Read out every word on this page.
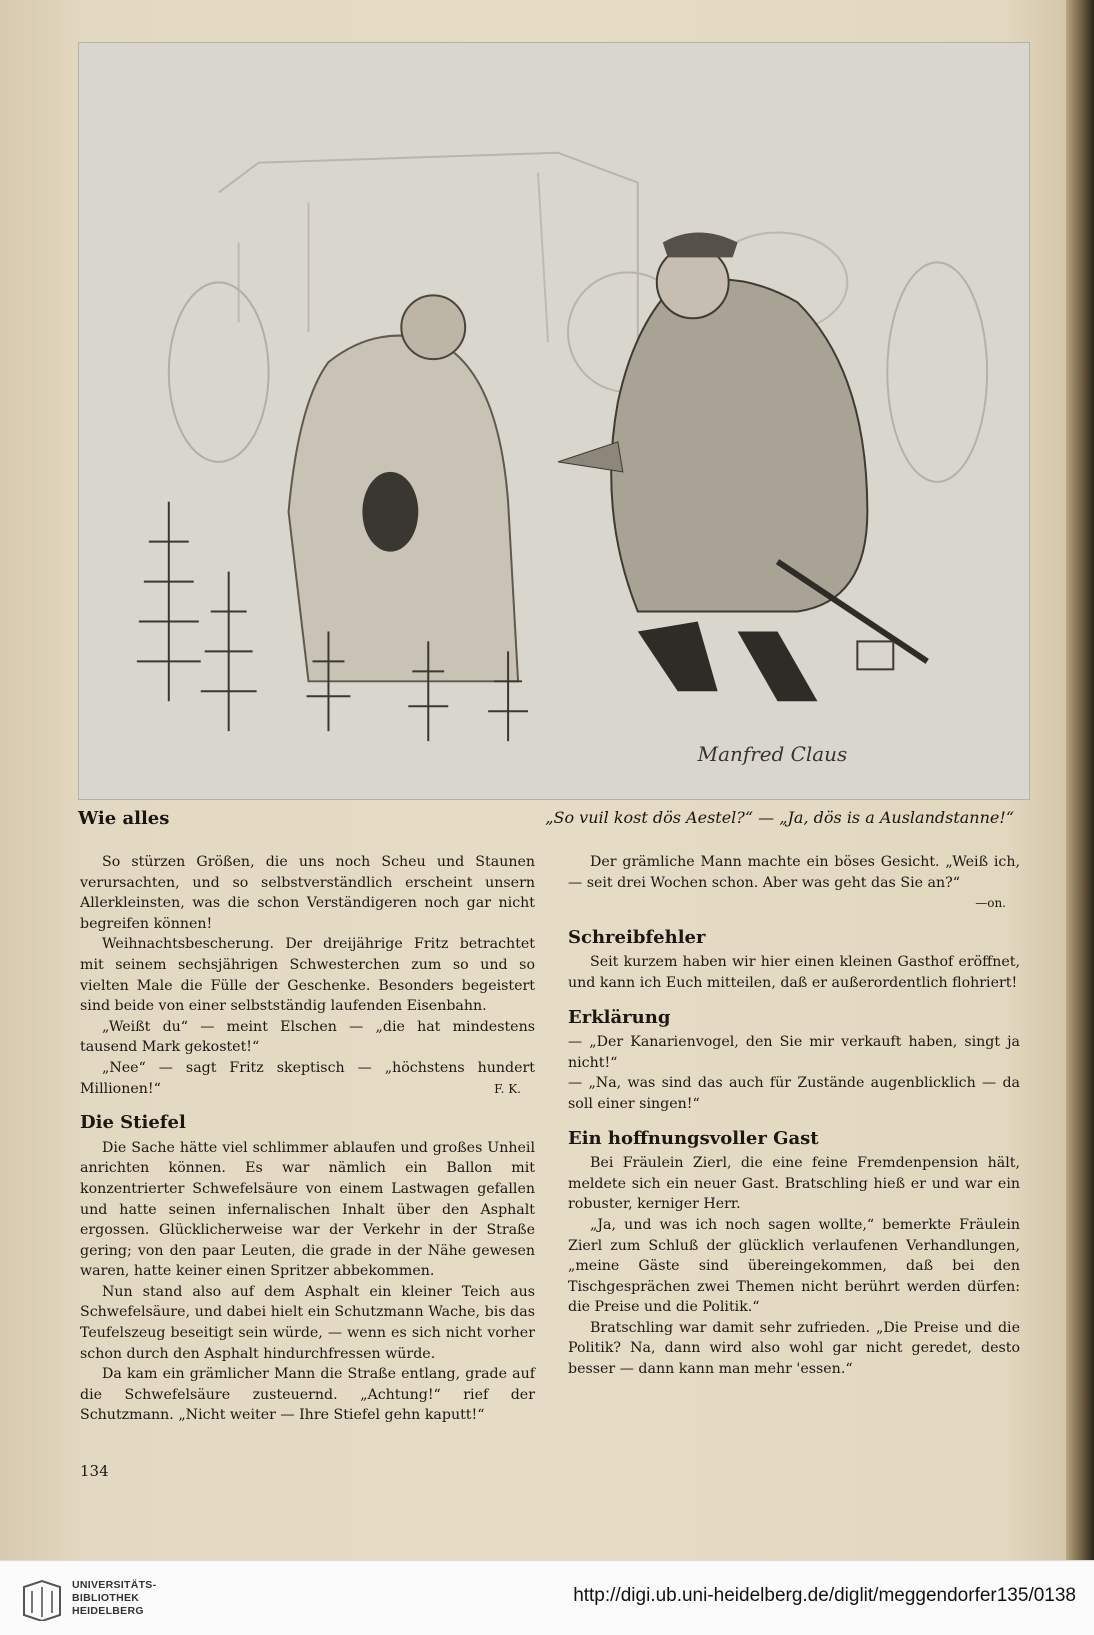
Manfred Claus
Wie alles	„So vuil kost dös Aestel?“ — „Ja, dös is a Auslandstanne!“

So stürzen Größen, die uns noch Scheu und Staunen verursachten, und so selbstverständlich erscheint unsern Allerkleinsten, was die schon Verständigeren noch gar nicht begreifen können!

Weihnachtsbescherung. Der dreijährige Fritz betrachtet mit seinem sechsjährigen Schwesterchen zum so und so vielten Male die Fülle der Geschenke. Besonders begeistert sind beide von einer selbstständig laufenden Eisenbahn.

„Weißt du“ — meint Elschen — „die hat mindestens tausend Mark gekostet!“

„Nee“ — sagt Fritz skeptisch — „höchstens hundert Millionen!“	F. K.

Die Stiefel

Die Sache hätte viel schlimmer ablaufen und großes Unheil anrichten können. Es war nämlich ein Ballon mit konzentrierter Schwefelsäure von einem Lastwagen gefallen und hatte seinen infernalischen Inhalt über den Asphalt ergossen. Glücklicherweise war der Verkehr in der Straße gering; von den paar Leuten, die grade in der Nähe gewesen waren, hatte keiner einen Spritzer abbekommen.

Nun stand also auf dem Asphalt ein kleiner Teich aus Schwefelsäure, und dabei hielt ein Schutzmann Wache, bis das Teufelszeug beseitigt sein würde, — wenn es sich nicht vorher schon durch den Asphalt hindurchfressen würde.

Da kam ein grämlicher Mann die Straße entlang, grade auf die Schwefelsäure zusteuernd. „Achtung!“ rief der Schutzmann. „Nicht weiter — Ihre Stiefel gehn kaputt!“

Der grämliche Mann machte ein böses Gesicht. „Weiß ich, — seit drei Wochen schon. Aber was geht das Sie an?“

—on.
Schreibfehler

Seit kurzem haben wir hier einen kleinen Gasthof eröffnet, und kann ich Euch mitteilen, daß er außerordentlich flohriert!

Erklärung

— „Der Kanarienvogel, den Sie mir verkauft haben, singt ja nicht!“

— „Na, was sind das auch für Zustände augenblicklich — da soll einer singen!“

Ein hoffnungsvoller Gast

Bei Fräulein Zierl, die eine feine Fremdenpension hält, meldete sich ein neuer Gast. Bratschling hieß er und war ein robuster, kerniger Herr.

„Ja, und was ich noch sagen wollte,“ bemerkte Fräulein Zierl zum Schluß der glücklich verlaufenen Verhandlungen, „meine Gäste sind übereingekommen, daß bei den Tischgesprächen zwei Themen nicht berührt werden dürfen: die Preise und die Politik.“

Bratschling war damit sehr zufrieden. „Die Preise und die Politik? Na, dann wird also wohl gar nicht geredet, desto besser — dann kann man mehr 'essen.“

134
UNIVERSITÄTS-
BIBLIOTHEK
HEIDELBERG
http://digi.ub.uni-heidelberg.de/diglit/meggendorfer135/0138
